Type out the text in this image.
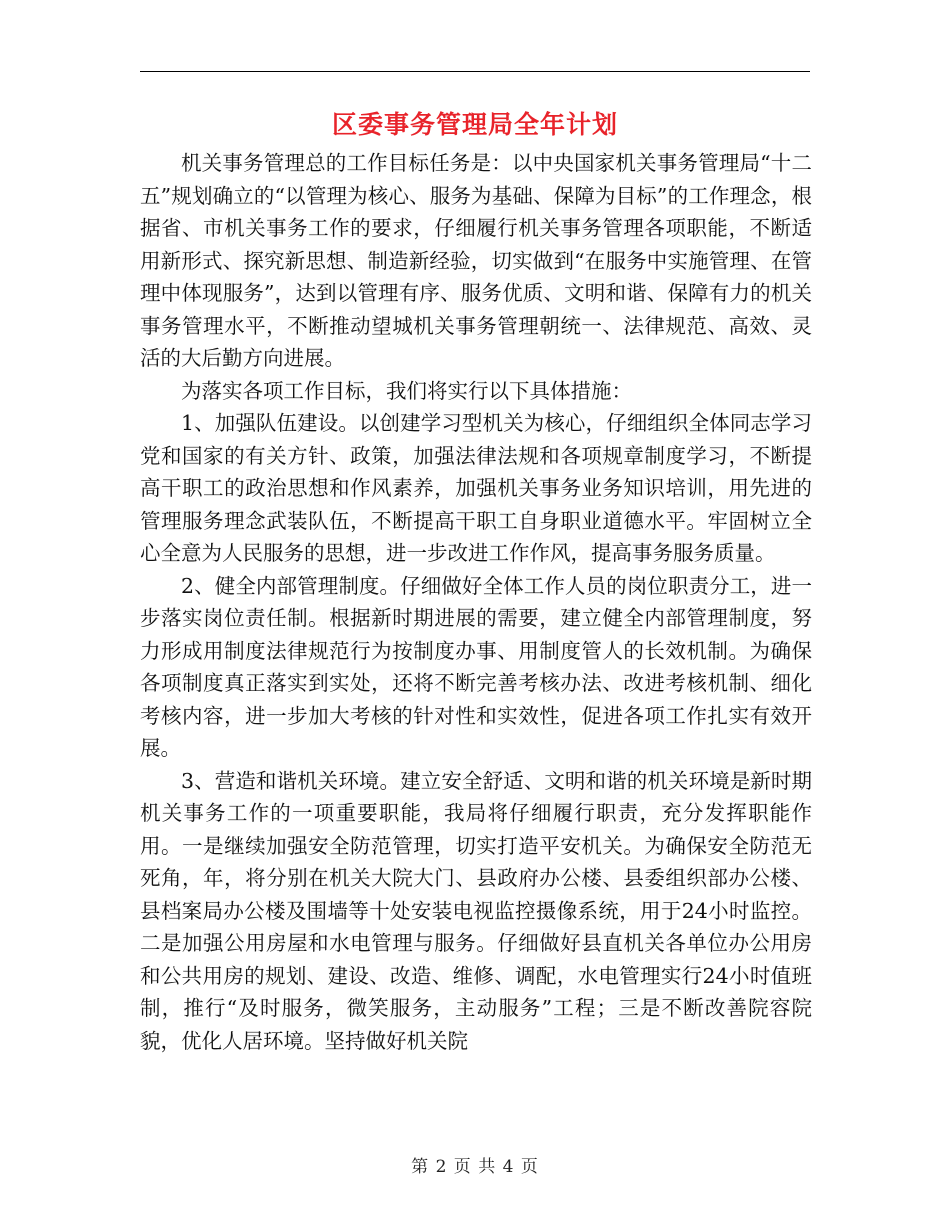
区委事务管理局全年计划

机关事务管理总的工作目标任务是：以中央国家机关事务管理局“十二五”规划确立的“以管理为核心、服务为基础、保障为目标”的工作理念，根据省、市机关事务工作的要求，仔细履行机关事务管理各项职能，不断适用新形式、探究新思想、制造新经验，切实做到“在服务中实施管理、在管理中体现服务”，达到以管理有序、服务优质、文明和谐、保障有力的机关事务管理水平，不断推动望城机关事务管理朝统一、法律规范、高效、灵活的大后勤方向进展。

为落实各项工作目标，我们将实行以下具体措施：

1、加强队伍建设。以创建学习型机关为核心，仔细组织全体同志学习党和国家的有关方针、政策，加强法律法规和各项规章制度学习，不断提高干职工的政治思想和作风素养，加强机关事务业务知识培训，用先进的管理服务理念武装队伍，不断提高干职工自身职业道德水平。牢固树立全心全意为人民服务的思想，进一步改进工作作风，提高事务服务质量。

2、健全内部管理制度。仔细做好全体工作人员的岗位职责分工，进一步落实岗位责任制。根据新时期进展的需要，建立健全内部管理制度，努力形成用制度法律规范行为按制度办事、用制度管人的长效机制。为确保各项制度真正落实到实处，还将不断完善考核办法、改进考核机制、细化考核内容，进一步加大考核的针对性和实效性，促进各项工作扎实有效开展。

3、营造和谐机关环境。建立安全舒适、文明和谐的机关环境是新时期机关事务工作的一项重要职能，我局将仔细履行职责，充分发挥职能作用。一是继续加强安全防范管理，切实打造平安机关。为确保安全防范无死角，年，将分别在机关大院大门、县政府办公楼、县委组织部办公楼、县档案局办公楼及围墙等十处安装电视监控摄像系统，用于24小时监控。二是加强公用房屋和水电管理与服务。仔细做好县直机关各单位办公用房和公共用房的规划、建设、改造、维修、调配，水电管理实行24小时值班制，推行“及时服务，微笑服务，主动服务”工程；三是不断改善院容院貌，优化人居环境。坚持做好机关院

第 2 页 共 4 页
